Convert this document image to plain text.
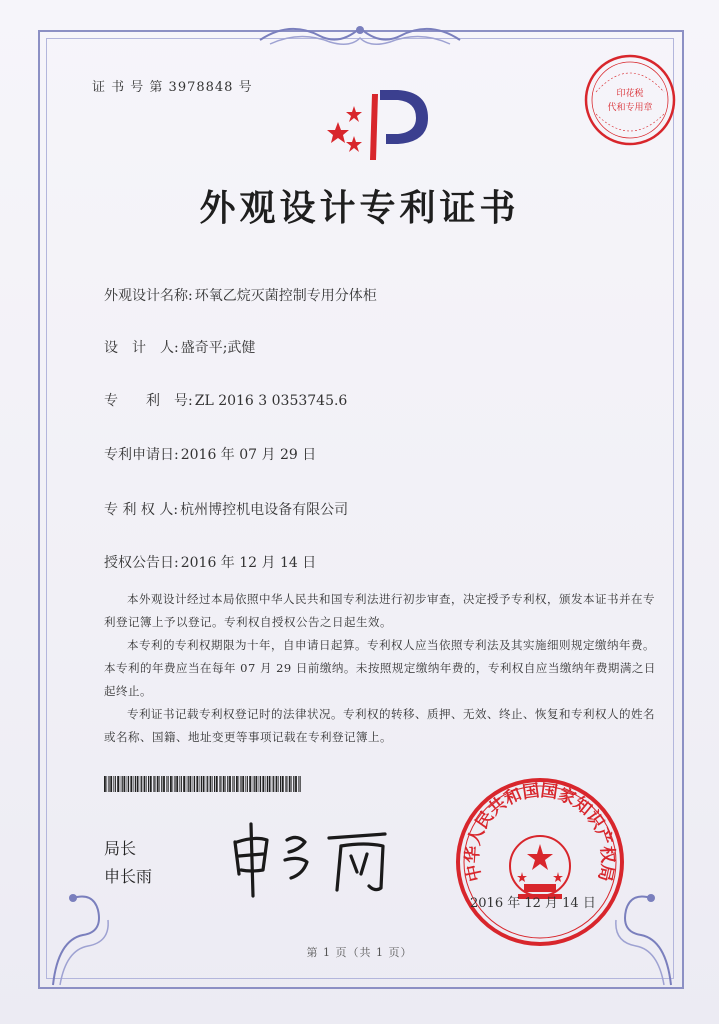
证 书 号 第 3978848 号	印花税
代和专用章
外观设计专利证书
外观设计名称: 环氧乙烷灭菌控制专用分体柜
设　计　人: 盛奇平;武健
专　　利　号: ZL 2016 3 0353745.6
专利申请日: 2016 年 07 月 29 日
专 利 权 人: 杭州博控机电设备有限公司
授权公告日: 2016 年 12 月 14 日

本外观设计经过本局依照中华人民共和国专利法进行初步审查，决定授予专利权，颁发本证书并在专利登记簿上予以登记。专利权自授权公告之日起生效。

本专利的专利权期限为十年，自申请日起算。专利权人应当依照专利法及其实施细则规定缴纳年费。本专利的年费应当在每年 07 月 29 日前缴纳。未按照规定缴纳年费的，专利权自应当缴纳年费期满之日起终止。

专利证书记载专利权登记时的法律状况。专利权的转移、质押、无效、终止、恢复和专利权人的姓名或名称、国籍、地址变更等事项记载在专利登记簿上。

局长
申长雨	中华人民共和国国家知识产权局
2016 年 12 月 14 日
第 1 页（共 1 页）
